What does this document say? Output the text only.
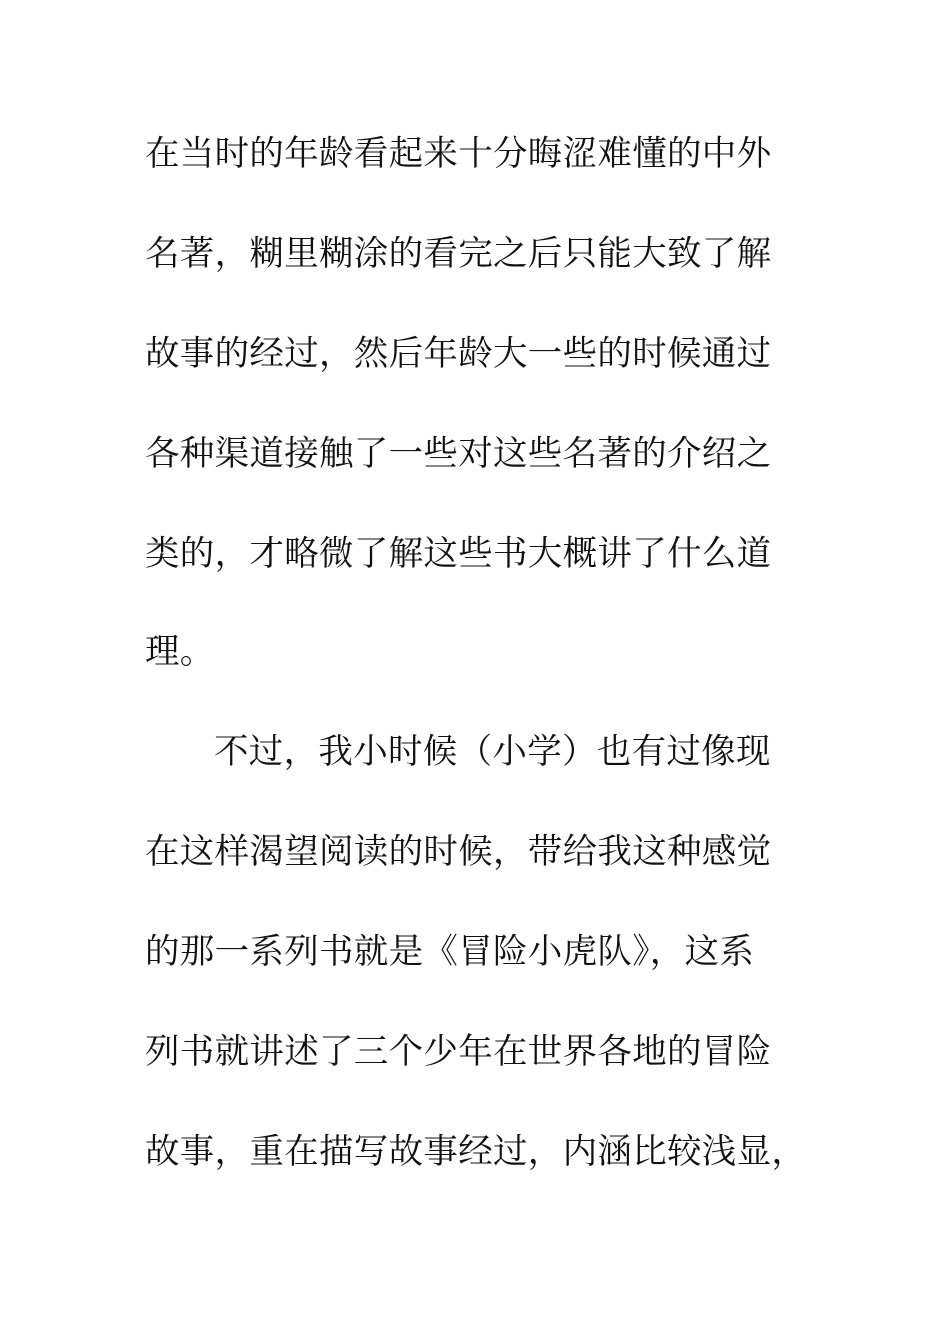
在当时的年龄看起来十分晦涩难懂的中外
名著，糊里糊涂的看完之后只能大致了解
故事的经过，然后年龄大一些的时候通过
各种渠道接触了一些对这些名著的介绍之
类的，才略微了解这些书大概讲了什么道
理。
不过，我小时候（小学）也有过像现
在这样渴望阅读的时候，带给我这种感觉
的那一系列书就是《冒险小虎队》，这系
列书就讲述了三个少年在世界各地的冒险
故事，重在描写故事经过，内涵比较浅显，
